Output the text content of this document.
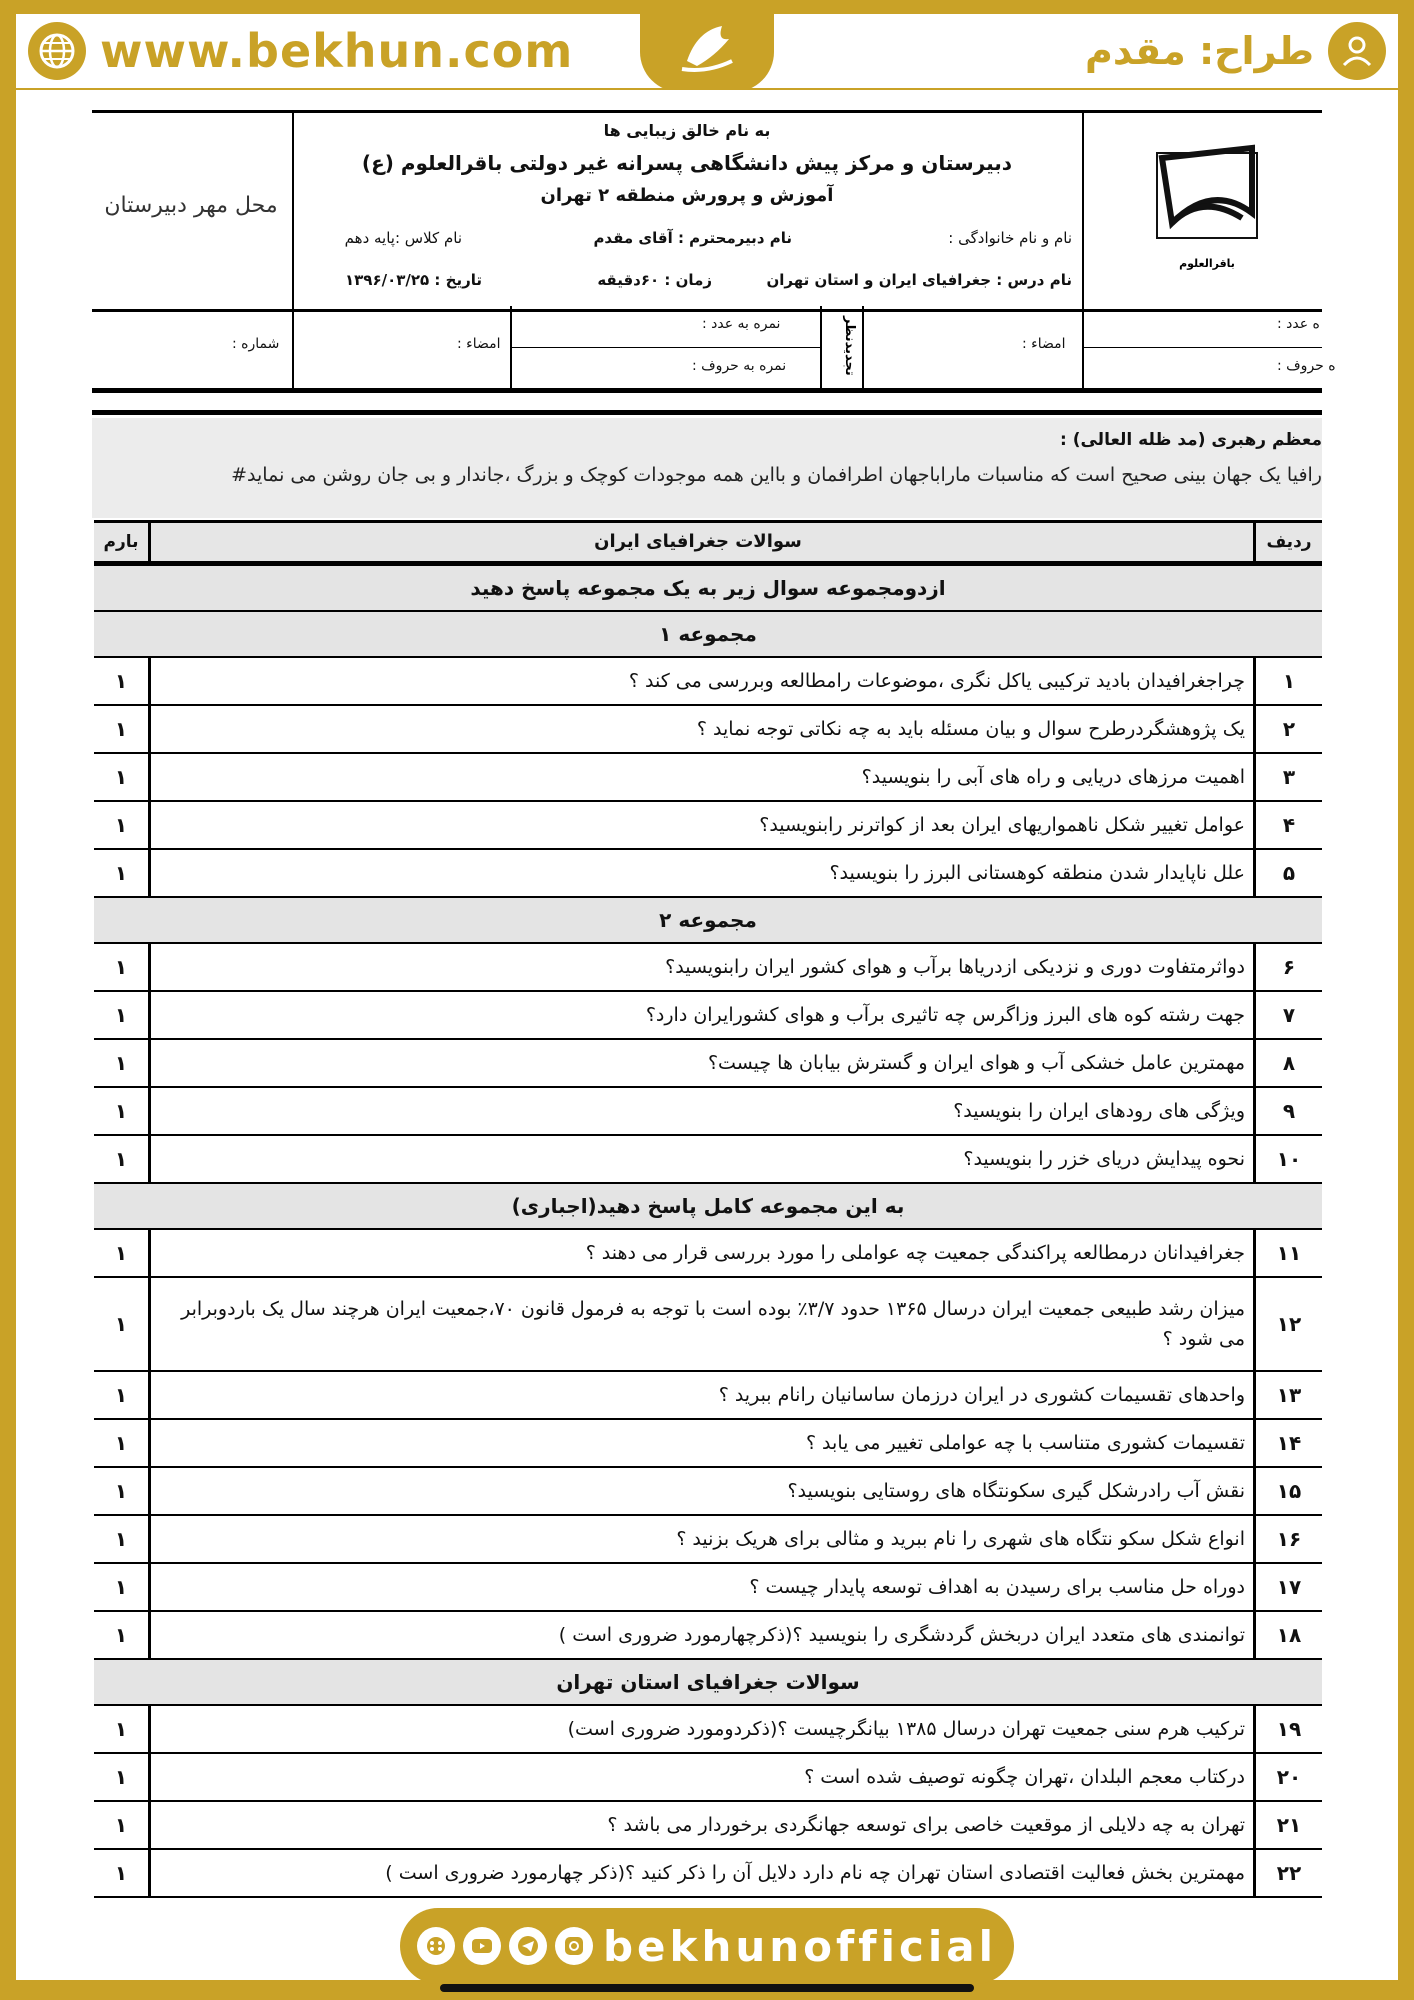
www.bekhun.com	طراح: مقدم
محل مهر دبیرستان
به نام خالق زیبایی ها
دبیرستان و مرکز پیش دانشگاهی پسرانه غیر دولتی باقرالعلوم (ع)
آموزش و پرورش منطقه ۲ تهران
نام و نام خانوادگی :
نام دبیرمحترم : آقای مقدم
نام کلاس :پایه دهم
نام درس : جغرافیای ایران و استان تهران
زمان : ۶۰دقیقه
تاریخ : ۱۳۹۶/۰۳/۲۵
باقرالعلوم
ه عدد :
ه حروف :
امضاء :
تجدیدنظر
نمره به عدد :
نمره به حروف :
امضاء :
شماره :
معظم رهبری (مد ظله العالی) :
رافیا یک جهان بینی صحیح است که مناسبات ماراباجهان اطرافمان و بااین همه موجودات کوچک و بزرگ ،جاندار و بی جان روشن می نماید#
ردیف
سوالات جغرافیای ایران
بارم
ازدومجموعه سوال زیر به یک مجموعه پاسخ دهید
مجموعه ۱
۱
چراجغرافیدان بادید ترکیبی یاکل نگری ،موضوعات رامطالعه وبررسی می کند ؟
۱
۲
یک پژوهشگردرطرح سوال و بیان مسئله باید به چه نکاتی توجه نماید ؟
۱
۳
اهمیت مرزهای دریایی و راه های آبی را بنویسید؟
۱
۴
عوامل تغییر شکل ناهمواریهای ایران بعد از کواترنر رابنویسید؟
۱
۵
علل ناپایدار شدن منطقه کوهستانی البرز را بنویسید؟
۱
مجموعه ۲
۶
دواثرمتفاوت دوری و نزدیکی ازدریاها برآب و هوای کشور ایران رابنویسید؟
۱
۷
جهت رشته کوه های البرز وزاگرس چه تاثیری برآب و هوای کشورایران دارد؟
۱
۸
مهمترین عامل خشکی آب و هوای ایران و گسترش بیابان ها چیست؟
۱
۹
ویژگی های رودهای ایران را بنویسید؟
۱
۱۰
نحوه پیدایش دریای خزر را بنویسید؟
۱
به این مجموعه کامل پاسخ دهید(اجباری)
۱۱
جغرافیدانان درمطالعه پراکندگی جمعیت چه عواملی را مورد بررسی قرار می دهند ؟
۱
۱۲
میزان رشد طبیعی جمعیت ایران درسال ۱۳۶۵ حدود ۳/۷٪ بوده است با توجه به فرمول قانون ۷۰،جمعیت ایران هرچند سال یک باردوبرابر می شود ؟
۱
۱۳
واحدهای تقسیمات کشوری در ایران درزمان ساسانیان رانام ببرید ؟
۱
۱۴
تقسیمات کشوری متناسب با چه عواملی تغییر می یابد ؟
۱
۱۵
نقش آب رادرشکل گیری سکونتگاه های روستایی بنویسید؟
۱
۱۶
انواع شکل سکو نتگاه های شهری را نام ببرید و مثالی برای هریک بزنید ؟
۱
۱۷
دوراه حل مناسب برای رسیدن به اهداف توسعه پایدار چیست ؟
۱
۱۸
توانمندی های متعدد ایران دربخش گردشگری را بنویسید ؟(ذکرچهارمورد ضروری است )
۱
سوالات جغرافیای استان تهران
۱۹
ترکیب هرم سنی جمعیت تهران درسال ۱۳۸۵ بیانگرچیست ؟(ذکردومورد ضروری است)
۱
۲۰
درکتاب معجم البلدان ،تهران چگونه توصیف شده است ؟
۱
۲۱
تهران به چه دلایلی از موقعیت خاصی برای توسعه جهانگردی برخوردار می باشد ؟
۱
۲۲
مهمترین بخش فعالیت اقتصادی استان تهران چه نام دارد دلایل آن را ذکر کنید ؟(ذکر چهارمورد ضروری است )
۱
bekhunofficial
